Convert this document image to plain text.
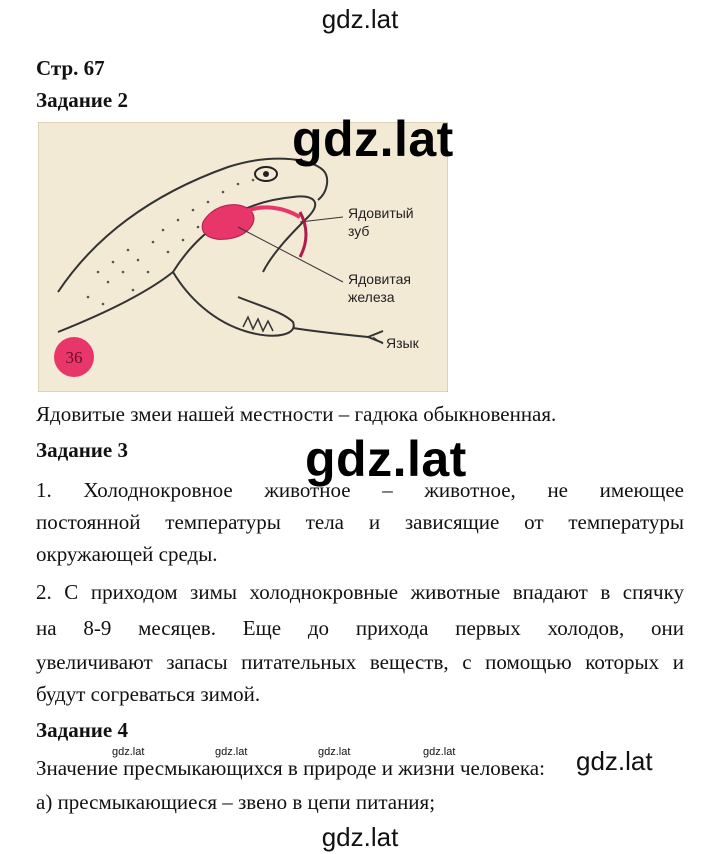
gdz.lat
Стр. 67
Задание 2
Ядовитый
зуб
Ядовитая
железа
Язык
36
gdz.lat
Ядовитые змеи нашей местности – гадюка обыкновенная.
Задание 3	gdz.lat
1. Холоднокровное животное – животное, не имеющее
постоянной температуры тела и зависящие от температуры
окружающей среды.
2. С приходом зимы холоднокровные животные впадают в спячку
на 8-9 месяцев. Еще до прихода первых холодов, они
увеличивают запасы питательных веществ, с помощью которых и
будут согреваться зимой.
Задание 4
gdz.lat	gdz.lat	gdz.lat	gdz.lat
Значение пресмыкающихся в природе и жизни человека: gdz.lat
а) пресмыкающиеся – звено в цепи питания;
gdz.lat
